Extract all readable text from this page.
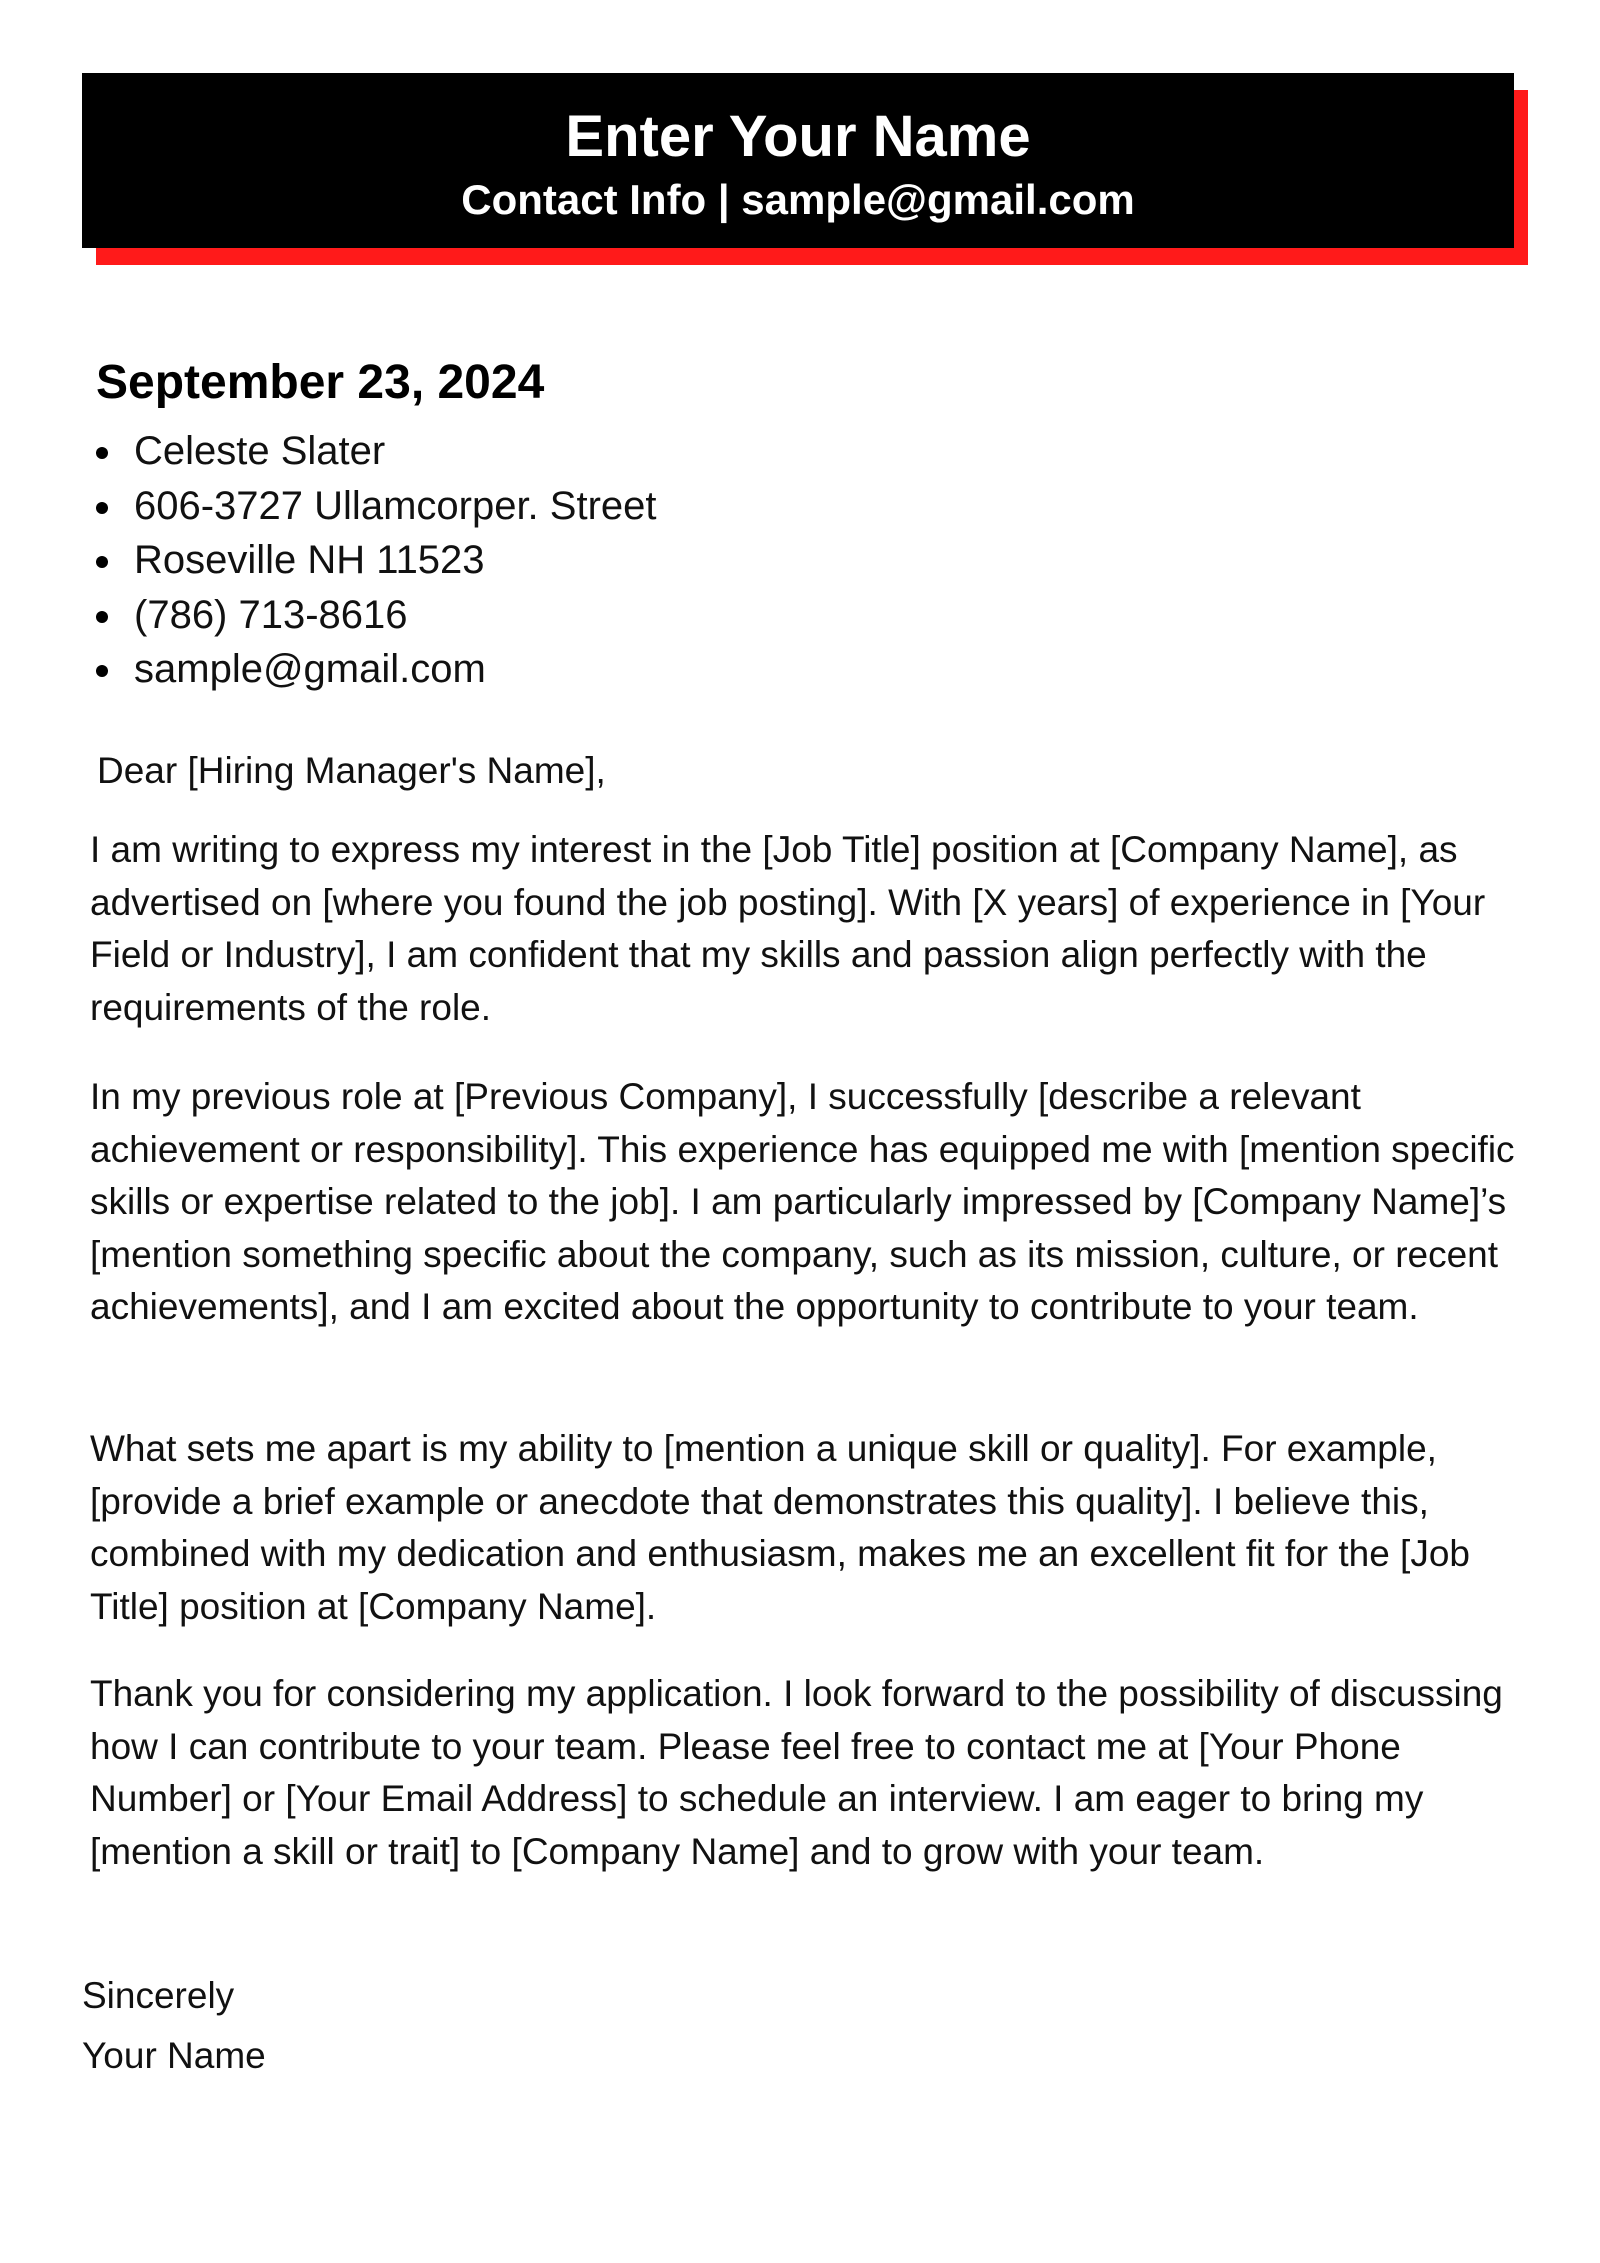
Enter Your Name
Contact Info | sample@gmail.com
September 23, 2024
Celeste Slater
606-3727 Ullamcorper. Street
Roseville NH 11523
(786) 713-8616
sample@gmail.com
Dear [Hiring Manager's Name],

I am writing to express my interest in the [Job Title] position at [Company Name], as advertised on [where you found the job posting]. With [X years] of experience in [Your Field or Industry], I am confident that my skills and passion align perfectly with the requirements of the role.

In my previous role at [Previous Company], I successfully [describe a relevant achievement or responsibility]. This experience has equipped me with [mention specific skills or expertise related to the job]. I am particularly impressed by [Company Name]’s [mention something specific about the company, such as its mission, culture, or recent achievements], and I am excited about the opportunity to contribute to your team.

What sets me apart is my ability to [mention a unique skill or quality]. For example, [provide a brief example or anecdote that demonstrates this quality]. I believe this, combined with my dedication and enthusiasm, makes me an excellent fit for the [Job Title] position at [Company Name].

Thank you for considering my application. I look forward to the possibility of discussing how I can contribute to your team. Please feel free to contact me at [Your Phone Number] or [Your Email Address] to schedule an interview. I am eager to bring my [mention a skill or trait] to [Company Name] and to grow with your team.

Sincerely
Your Name
